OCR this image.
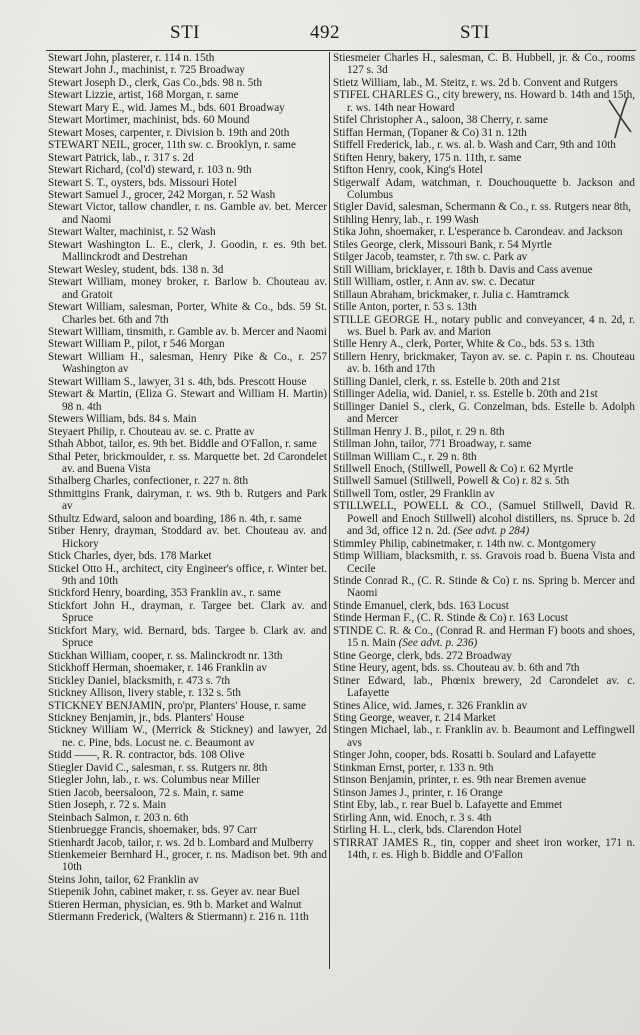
STI	492	STI

Stewart John, plasterer, r. 114 n. 15th

Stewart John J., machinist, r. 725 Broadway

Stewart Joseph D., clerk, Gas Co.,bds. 98 n. 5th

Stewart Lizzie, artist, 168 Morgan, r. same

Stewart Mary E., wid. James M., bds. 601 Broadway

Stewart Mortimer, machinist, bds. 60 Mound

Stewart Moses, carpenter, r. Division b. 19th and 20th

STEWART NEIL, grocer, 11th sw. c. Brooklyn, r. same

Stewart Patrick, lab., r. 317 s. 2d

Stewart Richard, (col'd) steward, r. 103 n. 9th

Stewart S. T., oysters, bds. Missouri Hotel

Stewart Samuel J., grocer, 242 Morgan, r. 52 Wash

Stewart Victor, tallow chandler, r. ns. Gamble av. bet. Mercer and Naomi

Stewart Walter, machinist, r. 52 Wash

Stewart Washington L. E., clerk, J. Goodin, r. es. 9th bet. Mallinckrodt and Destrehan

Stewart Wesley, student, bds. 138 n. 3d

Stewart William, money broker, r. Barlow b. Chouteau av. and Gratoit

Stewart William, salesman, Porter, White & Co., bds. 59 St. Charles bet. 6th and 7th

Stewart William, tinsmith, r. Gamble av. b. Mercer and Naomi

Stewart William P., pilot, r 546 Morgan

Stewart William H., salesman, Henry Pike & Co., r. 257 Washington av

Stewart William S., lawyer, 31 s. 4th, bds. Prescott House

Stewart & Martin, (Eliza G. Stewart and William H. Martin) 98 n. 4th

Stewers William, bds. 84 s. Main

Steyaert Philip, r. Chouteau av. se. c. Pratte av

Sthah Abbot, tailor, es. 9th bet. Biddle and O'Fallon, r. same

Sthal Peter, brickmoulder, r. ss. Marquette bet. 2d Carondelet av. and Buena Vista

Sthalberg Charles, confectioner, r. 227 n. 8th

Sthmittgins Frank, dairyman, r. ws. 9th b. Rutgers and Park av

Sthultz Edward, saloon and boarding, 186 n. 4th, r. same

Stiber Henry, drayman, Stoddard av. bet. Chouteau av. and Hickory

Stick Charles, dyer, bds. 178 Market

Stickel Otto H., architect, city Engineer's office, r. Winter bet. 9th and 10th

Stickford Henry, boarding, 353 Franklin av., r. same

Stickfort John H., drayman, r. Targee bet. Clark av. and Spruce

Stickfort Mary, wid. Bernard, bds. Targee b. Clark av. and Spruce

Stickhan William, cooper, r. ss. Malinckrodt nr. 13th

Stickhoff Herman, shoemaker, r. 146 Franklin av

Stickley Daniel, blacksmith, r. 473 s. 7th

Stickney Allison, livery stable, r. 132 s. 5th

STICKNEY BENJAMIN, pro'pr, Planters' House, r. same

Stickney Benjamin, jr., bds. Planters' House

Stickney William W., (Merrick & Stickney) and lawyer, 2d ne. c. Pine, bds. Locust ne. c. Beaumont av

Stidd ——, R. R. contractor, bds. 108 Olive

Stiegler David C., salesman, r. ss. Rutgers nr. 8th

Stiegler John, lab., r. ws. Columbus near Miller

Stien Jacob, beersaloon, 72 s. Main, r. same

Stien Joseph, r. 72 s. Main

Steinbach Salmon, r. 203 n. 6th

Stienbruegge Francis, shoemaker, bds. 97 Carr

Stienhardt Jacob, tailor, r. ws. 2d b. Lombard and Mulberry

Stienkemeier Bernhard H., grocer, r. ns. Madison bet. 9th and 10th

Steins John, tailor, 62 Franklin av

Stiepenik John, cabinet maker, r. ss. Geyer av. near Buel

Stieren Herman, physician, es. 9th b. Market and Walnut

Stiermann Frederick, (Walters & Stiermann) r. 216 n. 11th

Stiesmeier Charles H., salesman, C. B. Hubbell, jr. & Co., rooms 127 s. 3d

Stietz William, lab., M. Steitz, r. ws. 2d b. Convent and Rutgers

STIFEL CHARLES G., city brewery, ns. Howard b. 14th and 15th, r. ws. 14th near Howard

Stifel Christopher A., saloon, 38 Cherry, r. same

Stiffan Herman, (Topaner & Co) 31 n. 12th

Stiffell Frederick, lab., r. ws. al. b. Wash and Carr, 9th and 10th

Stiften Henry, bakery, 175 n. 11th, r. same

Stifton Henry, cook, King's Hotel

Stigerwalf Adam, watchman, r. Douchouquette b. Jackson and Columbus

Stigler David, salesman, Schermann & Co., r. ss. Rutgers near 8th,

Stihling Henry, lab., r. 199 Wash

Stika John, shoemaker, r. L'esperance b. Carondeav. and Jackson

Stiles George, clerk, Missouri Bank, r. 54 Myrtle

Stilger Jacob, teamster, r. 7th sw. c. Park av

Still William, bricklayer, r. 18th b. Davis and Cass avenue

Still William, ostler, r. Ann av. sw. c. Decatur

Stillaun Abraham, brickmaker, r. Julia c. Hamtramck

Stille Anton, porter, r. 53 s. 13th

STILLE GEORGE H., notary public and conveyancer, 4 n. 2d, r. ws. Buel b. Park av. and Marion

Stille Henry A., clerk, Porter, White & Co., bds. 53 s. 13th

Stillern Henry, brickmaker, Tayon av. se. c. Papin r. ns. Chouteau av. b. 16th and 17th

Stilling Daniel, clerk, r. ss. Estelle b. 20th and 21st

Stillinger Adelia, wid. Daniel, r. ss. Estelle b. 20th and 21st

Stillinger Daniel S., clerk, G. Conzelman, bds. Estelle b. Adolph and Mercer

Stillman Henry J. B., pilot, r. 29 n. 8th

Stillman John, tailor, 771 Broadway, r. same

Stillman William C., r. 29 n. 8th

Stillwell Enoch, (Stillwell, Powell & Co) r. 62 Myrtle

Stillwell Samuel (Stillwell, Powell & Co) r. 82 s. 5th

Stillwell Tom, ostler, 29 Franklin av

STILLWELL, POWELL & CO., (Samuel Stillwell, David R. Powell and Enoch Stillwell) alcohol distillers, ns. Spruce b. 2d and 3d, office 12 n. 2d. (See advt. p 284)

Stimmley Philip, cabinetmaker, r. 14th nw. c. Montgomery

Stimp William, blacksmith, r. ss. Gravois road b. Buena Vista and Cecile

Stinde Conrad R., (C. R. Stinde & Co) r. ns. Spring b. Mercer and Naomi

Stinde Emanuel, clerk, bds. 163 Locust

Stinde Herman F., (C. R. Stinde & Co) r. 163 Locust

STINDE C. R. & Co., (Conrad R. and Herman F) boots and shoes, 15 n. Main (See advt. p. 236)

Stine George, clerk, bds. 272 Broadway

Stine Heury, agent, bds. ss. Chouteau av. b. 6th and 7th

Stiner Edward, lab., Phœnix brewery, 2d Carondelet av. c. Lafayette

Stines Alice, wid. James, r. 326 Franklin av

Sting George, weaver, r. 214 Market

Stingen Michael, lab., r. Franklin av. b. Beaumont and Leffingwell avs

Stinger John, cooper, bds. Rosatti b. Soulard and Lafayette

Stinkman Ernst, porter, r. 133 n. 9th

Stinson Benjamin, printer, r. es. 9th near Bremen avenue

Stinson James J., printer, r. 16 Orange

Stint Eby, lab., r. rear Buel b. Lafayette and Emmet

Stirling Ann, wid. Enoch, r. 3 s. 4th

Stirling H. L., clerk, bds. Clarendon Hotel

STIRRAT JAMES R., tin, copper and sheet iron worker, 171 n. 14th, r. es. High b. Biddle and O'Fallon
